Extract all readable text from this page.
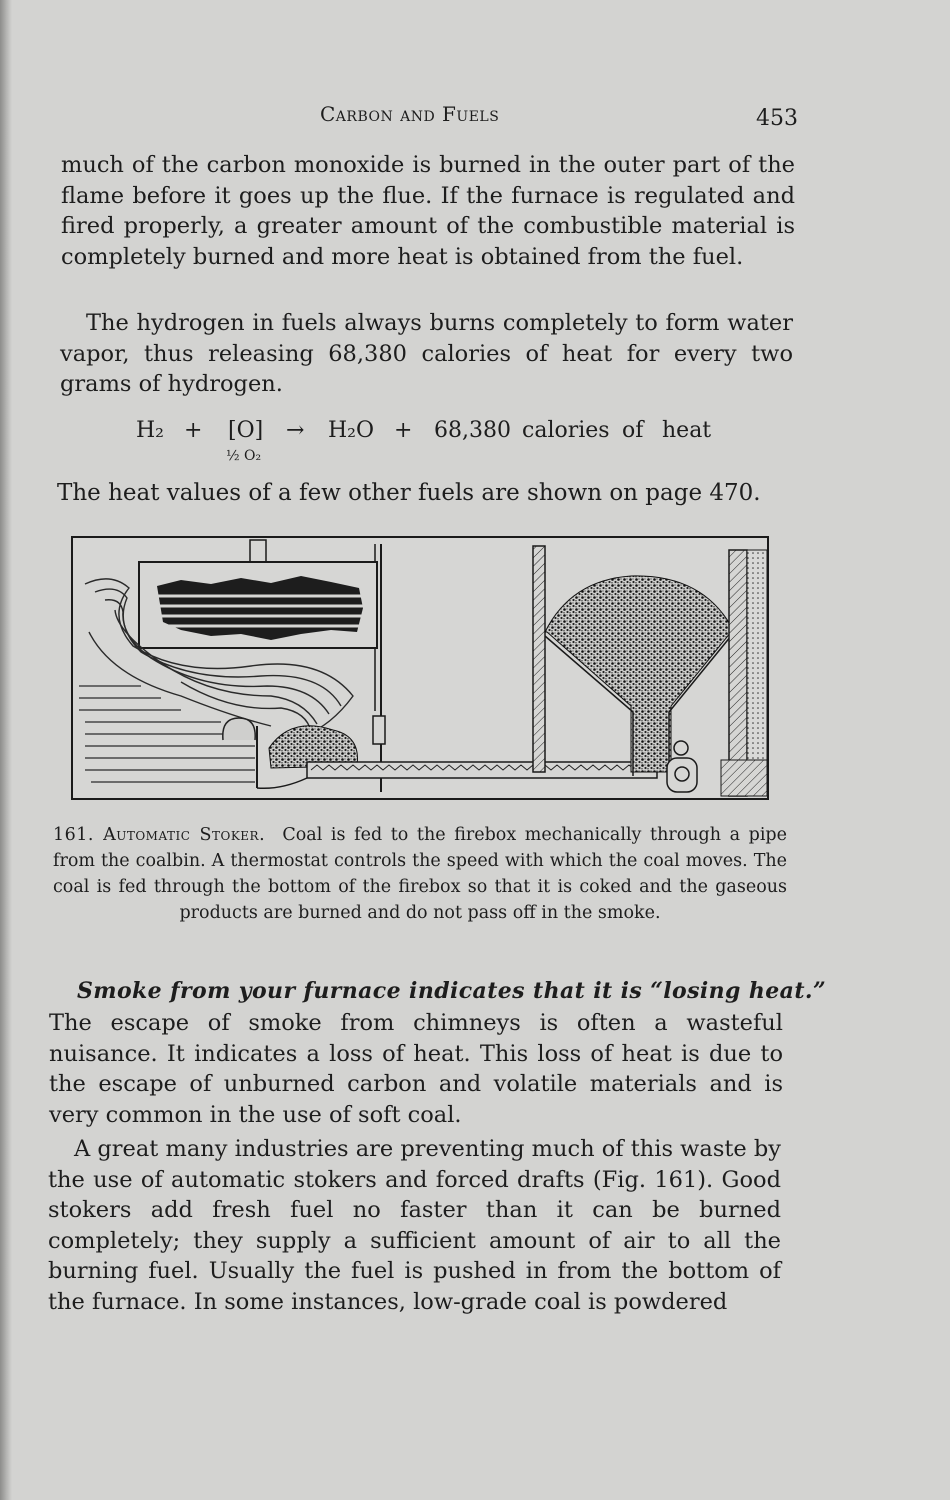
Carbon and Fuels	453

much of the carbon monoxide is burned in the outer part of the flame before it goes up the flue. If the furnace is regulated and fired properly, a greater amount of the combustible material is completely burned and more heat is obtained from the fuel.

The hydrogen in fuels always burns completely to form water vapor, thus releasing 68,380 calories of heat for every two grams of hydrogen.

H₂ + [O]
½ O₂
→ H₂O + 68,380 calories of heat

The heat values of a few other fuels are shown on page 470.

161. Automatic Stoker. Coal is fed to the firebox mechanically through a pipe from the coalbin. A thermostat controls the speed with which the coal moves. The coal is fed through the bottom of the firebox so that it is coked and the gaseous products are burned and do not pass off in the smoke.

Smoke from your furnace indicates that it is “losing heat.”

The escape of smoke from chimneys is often a wasteful nuisance. It indicates a loss of heat. This loss of heat is due to the escape of unburned carbon and volatile materials and is very common in the use of soft coal.

A great many industries are preventing much of this waste by the use of automatic stokers and forced drafts (Fig. 161). Good stokers add fresh fuel no faster than it can be burned completely; they supply a sufficient amount of air to all the burning fuel. Usually the fuel is pushed in from the bottom of the furnace. In some instances, low-grade coal is powdered
